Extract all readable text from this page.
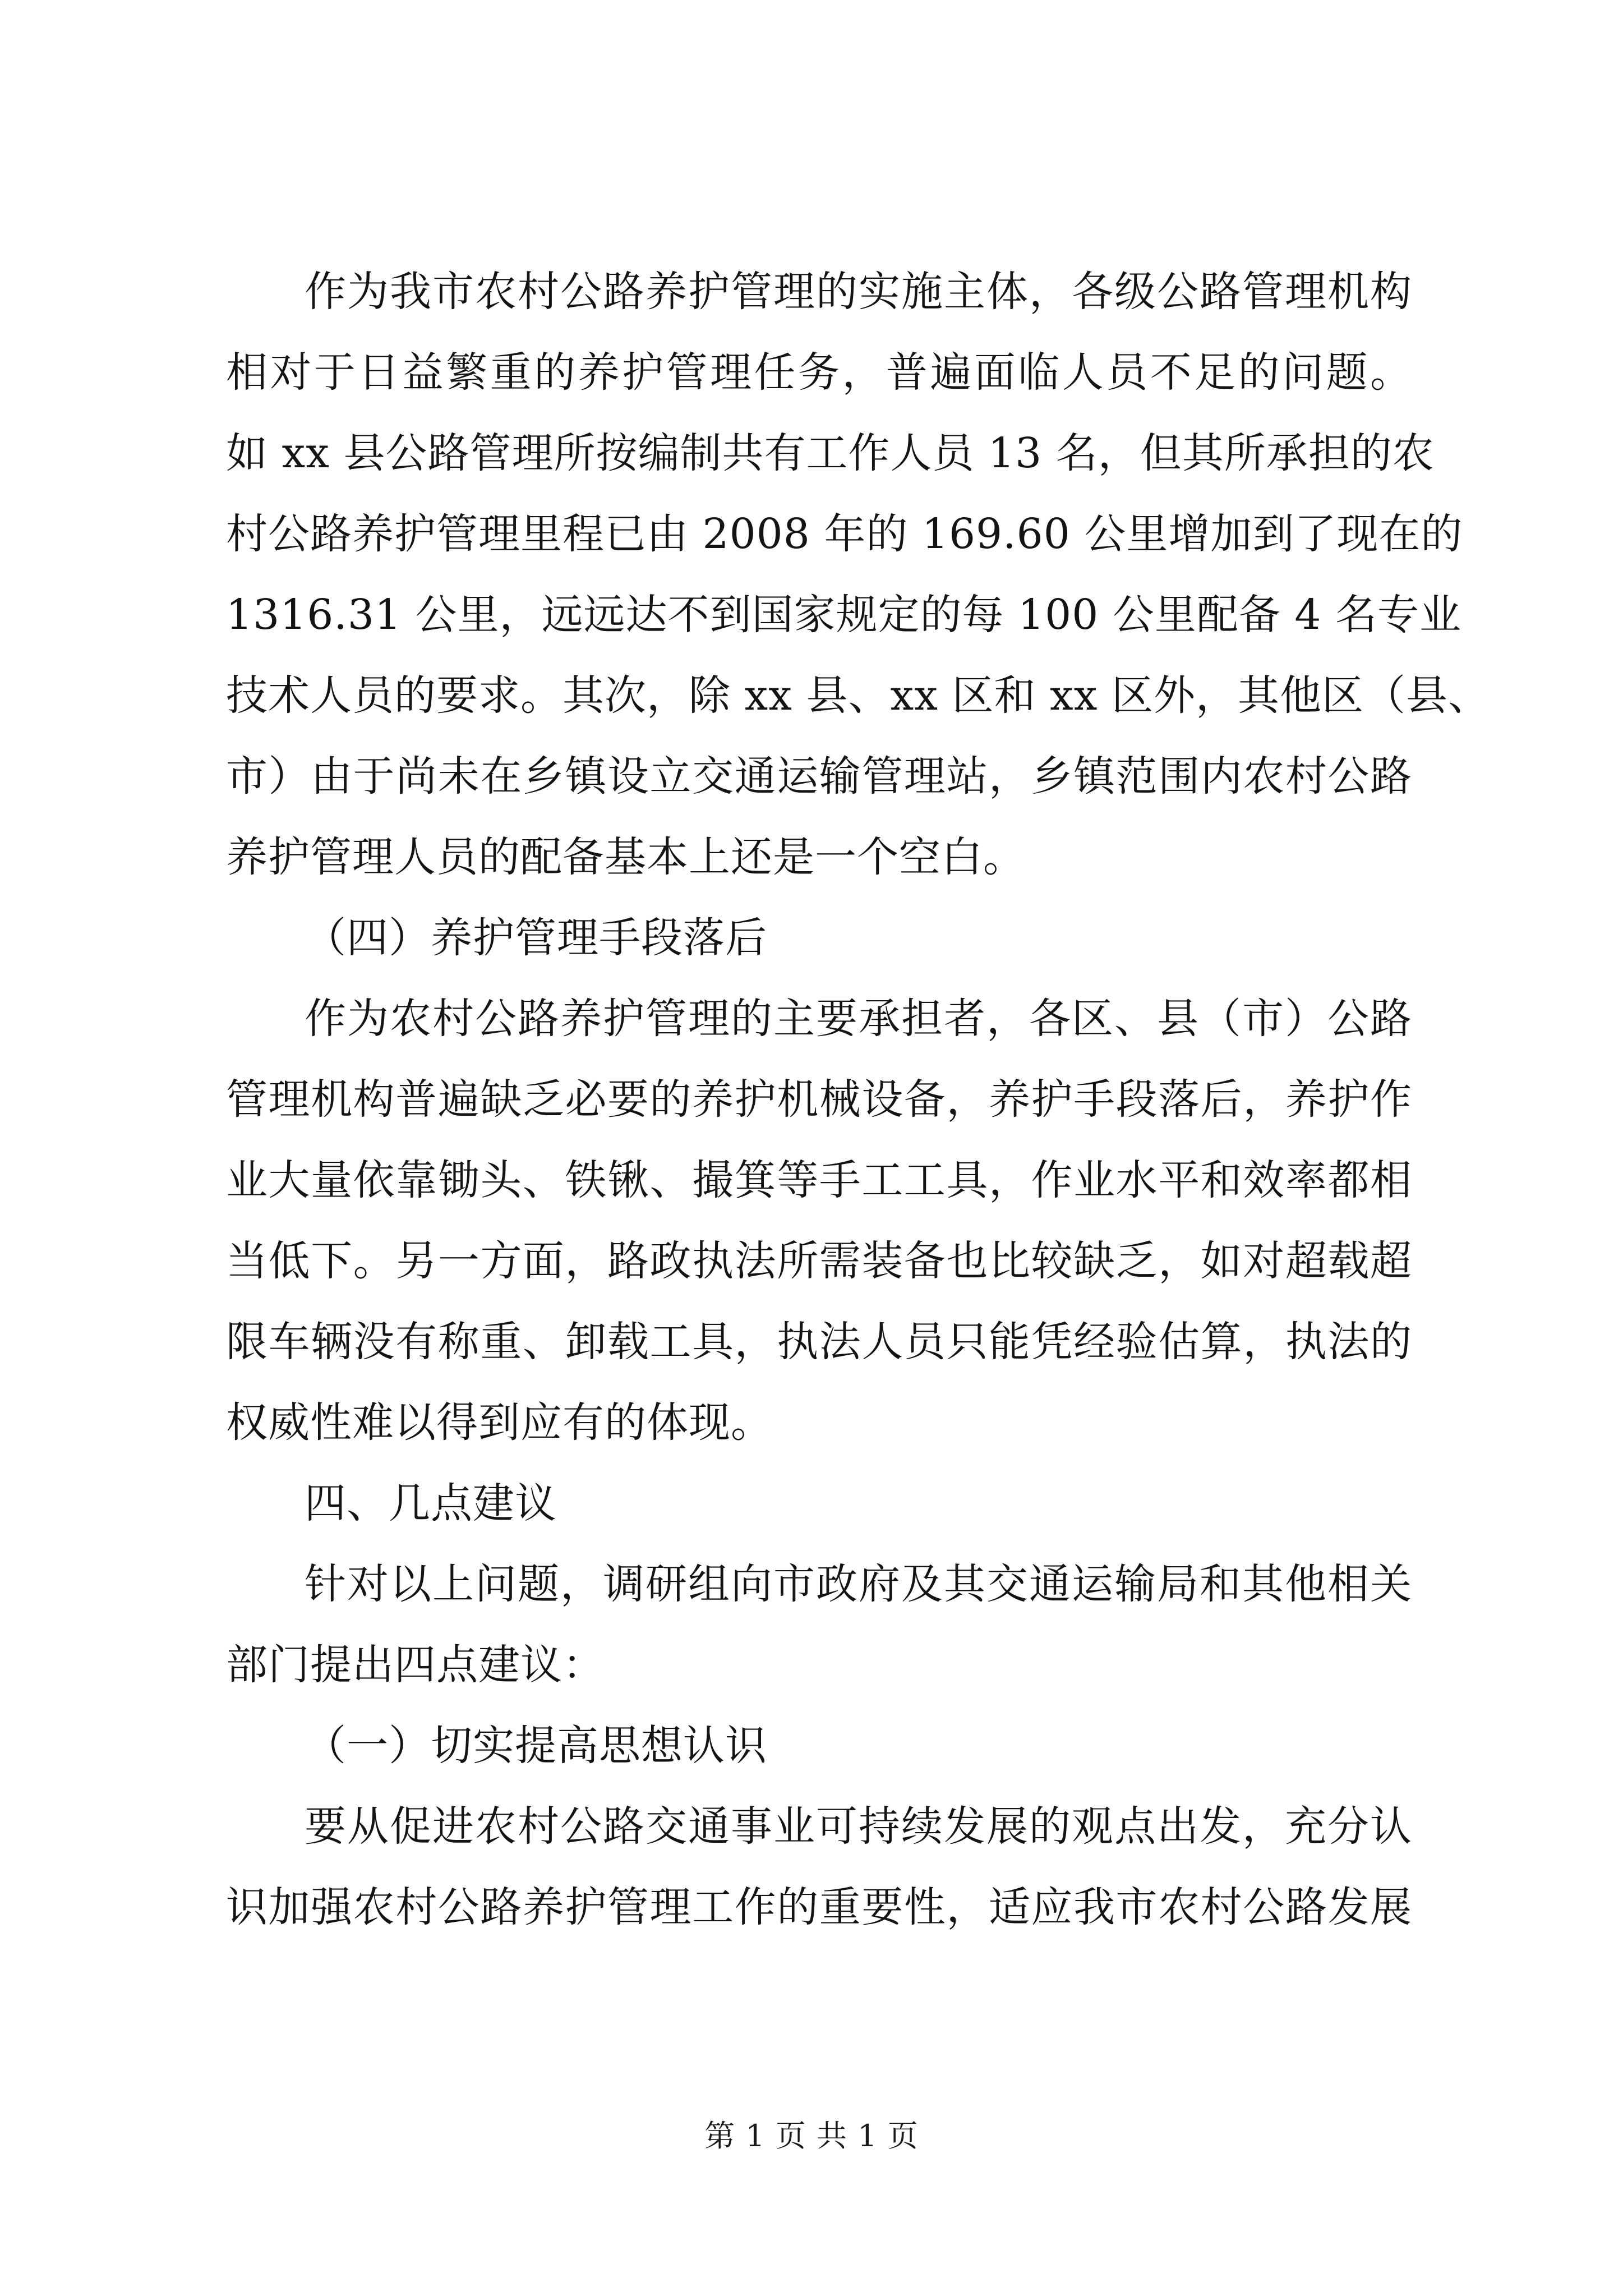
作为我市农村公路养护管理的实施主体，各级公路管理机构
相对于日益繁重的养护管理任务，普遍面临人员不足的问题。
如 xx 县公路管理所按编制共有工作人员 13 名，但其所承担的农
村公路养护管理里程已由 2008 年的 169.60 公里增加到了现在的
1316.31 公里，远远达不到国家规定的每 100 公里配备 4 名专业
技术人员的要求。其次，除 xx 县、xx 区和 xx 区外，其他区（县、
市）由于尚未在乡镇设立交通运输管理站，乡镇范围内农村公路
养护管理人员的配备基本上还是一个空白。
（四）养护管理手段落后
作为农村公路养护管理的主要承担者，各区、县（市）公路
管理机构普遍缺乏必要的养护机械设备，养护手段落后，养护作
业大量依靠锄头、铁锹、撮箕等手工工具，作业水平和效率都相
当低下。另一方面，路政执法所需装备也比较缺乏，如对超载超
限车辆没有称重、卸载工具，执法人员只能凭经验估算，执法的
权威性难以得到应有的体现。
四、几点建议
针对以上问题，调研组向市政府及其交通运输局和其他相关
部门提出四点建议：
（一）切实提高思想认识
要从促进农村公路交通事业可持续发展的观点出发，充分认
识加强农村公路养护管理工作的重要性，适应我市农村公路发展
第 1 页 共 1 页
